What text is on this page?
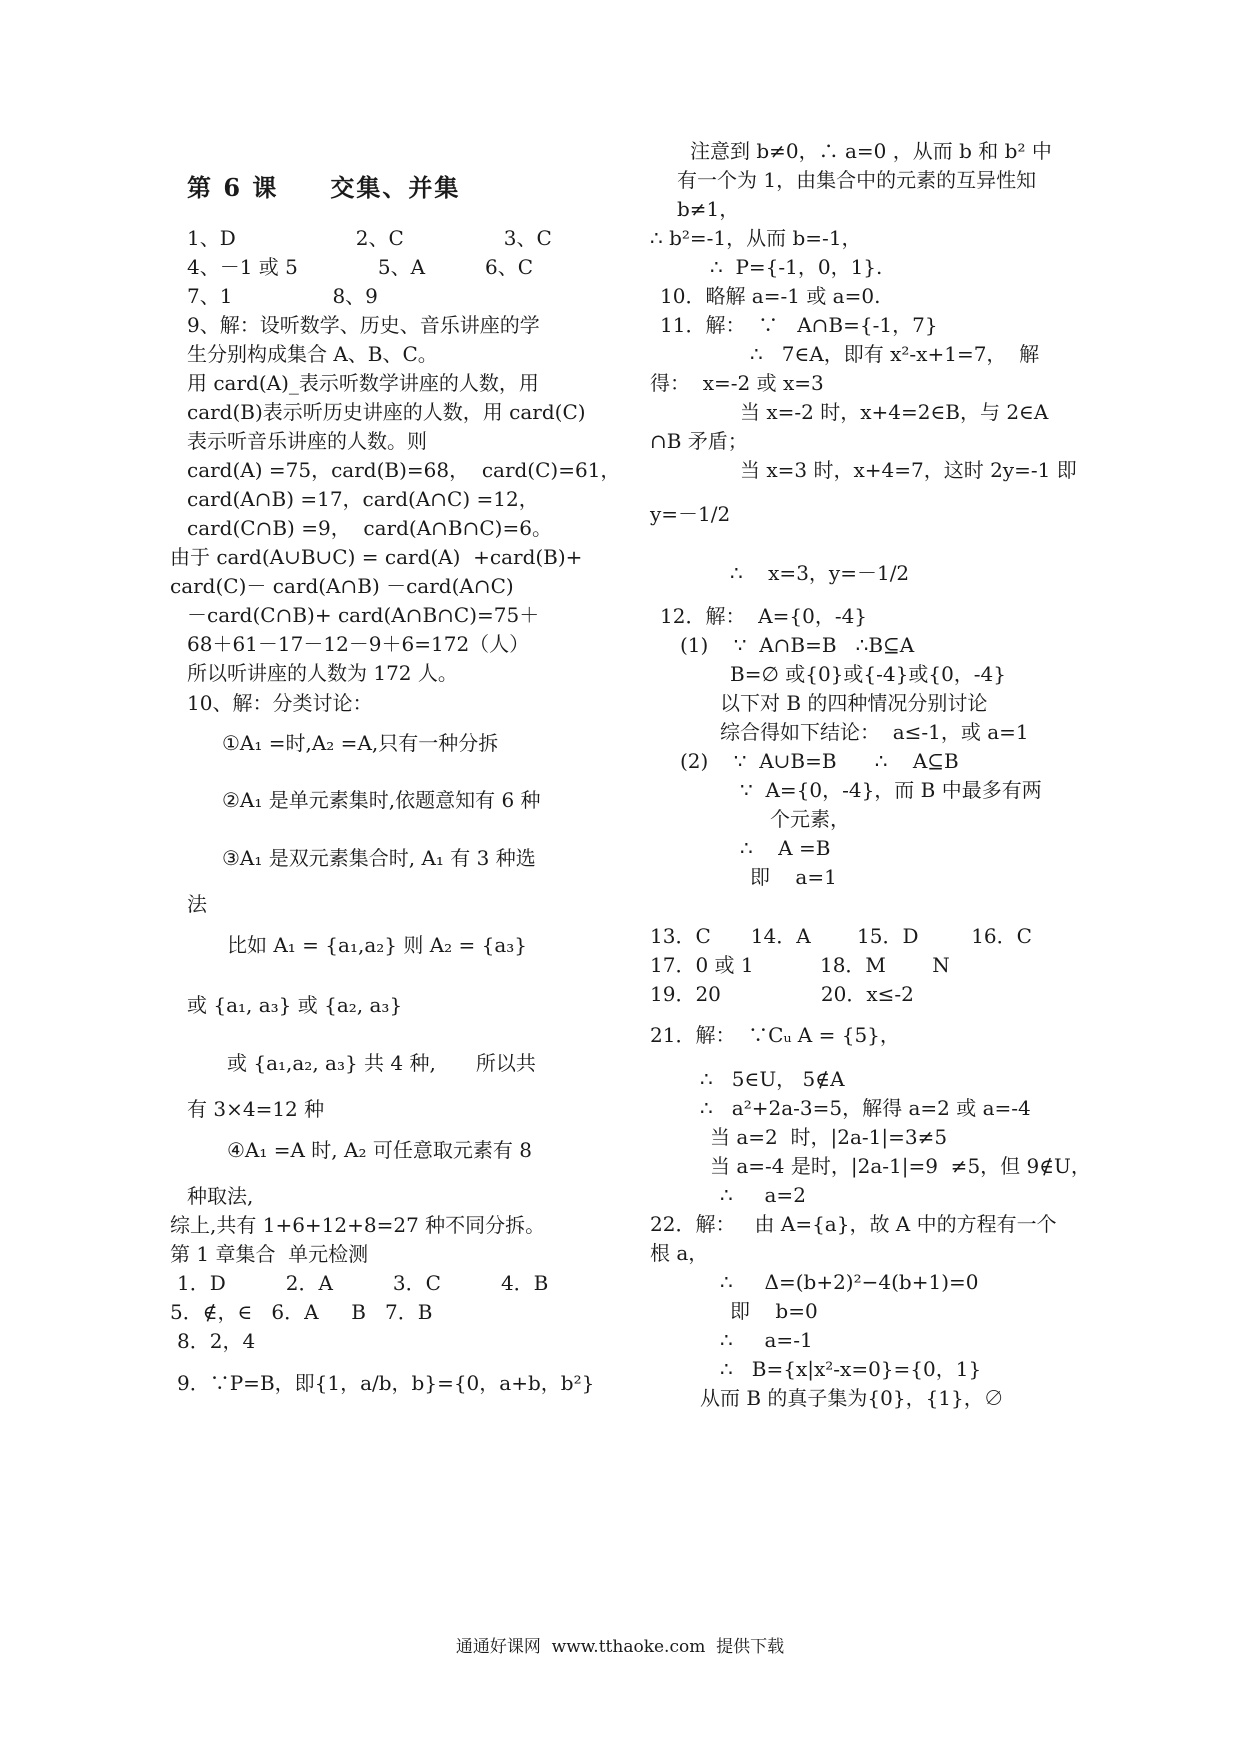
第 6 课　　交集、并集
1、D　　　　　　2、C　　　　　3、C
4、－1 或 5　　　　5、A　　　6、C
7、1　　　　　8、9
9、解：设听数学、历史、音乐讲座的学
生分别构成集合 A、B、C。
用 card(A)_表示听数学讲座的人数，用
card(B)表示听历史讲座的人数，用 card(C)
表示听音乐讲座的人数。则
card(A) =75，card(B)=68，  card(C)=61，
card(A∩B) =17，card(A∩C) =12，
card(C∩B) =9，  card(A∩B∩C)=6。
由于 card(A∪B∪C) = card(A)  +card(B)+
card(C)－ card(A∩B) －card(A∩C)
－card(C∩B)+ card(A∩B∩C)=75＋
68＋61－17－12－9＋6=172（人）
所以听讲座的人数为 172 人。
10、解：分类讨论：
①A₁ =时,A₂ =A,只有一种分拆
②A₁ 是单元素集时,依题意知有 6 种
③A₁ 是双元素集合时, A₁ 有 3 种选
法
比如 A₁ = {a₁,a₂} 则 A₂ = {a₃}
或 {a₁, a₃} 或 {a₂, a₃}
或 {a₁,a₂, a₃} 共 4 种,　　所以共
有 3×4=12 种
④A₁ =A 时, A₂ 可任意取元素有 8
种取法,
综上,共有 1+6+12+8=27 种不同分拆。
第 1 章集合  单元检测
1．D　　　2．A　　　3．C　　　4．B
5．∉，∈   6．A　  B   7．B
8．2，4
9．∵P=B，即{1，a/b，b}={0，a+b，b²}
注意到 b≠0，∴ a=0 ，从而 b 和 b² 中
有一个为 1，由集合中的元素的互异性知
b≠1，
∴ b²=-1，从而 b=-1，
∴  P={-1，0，1}.
10．略解 a=-1 或 a=0.
11．解：  ∵   A∩B={-1，7}
∴   7∈A，即有 x²-x+1=7，  解
得：  x=-2 或 x=3
当 x=-2 时，x+4=2∈B，与 2∈A
∩B 矛盾；
当 x=3 时，x+4=7，这时 2y=-1 即
y=－1/2
∴    x=3，y=－1/2
12．解：  A={0，-4}
(1)    ∵  A∩B=B   ∴B⊆A
B=∅ 或{0}或{-4}或{0，-4}
以下对 B 的四种情况分别讨论
综合得如下结论：  a≤-1，或 a=1
(2)    ∵  A∪B=B      ∴    A⊆B
∵  A={0，-4}，而 B 中最多有两
个元素，
∴    A =B
即    a=1
13．C　　14．A　　 15．D　　  16．C
17．0 或 1　　　 18．M　　 N
19．20　　　　　20．x≤-2
21．解：  ∵Cᵤ A = {5}，
∴   5∈U， 5∉A
∴   a²+2a-3=5，解得 a=2 或 a=-4
当 a=2  时，|2a-1|=3≠5
当 a=-4 是时，|2a-1|=9  ≠5，但 9∉U，
∴     a=2
22．解：   由 A={a}，故 A 中的方程有一个
根 a，
∴     Δ=(b+2)²−4(b+1)=0
即    b=0
∴     a=-1
∴   B={x|x²-x=0}={0，1}
从而 B 的真子集为{0}，{1}，∅
通通好课网  www.tthaoke.com  提供下载
